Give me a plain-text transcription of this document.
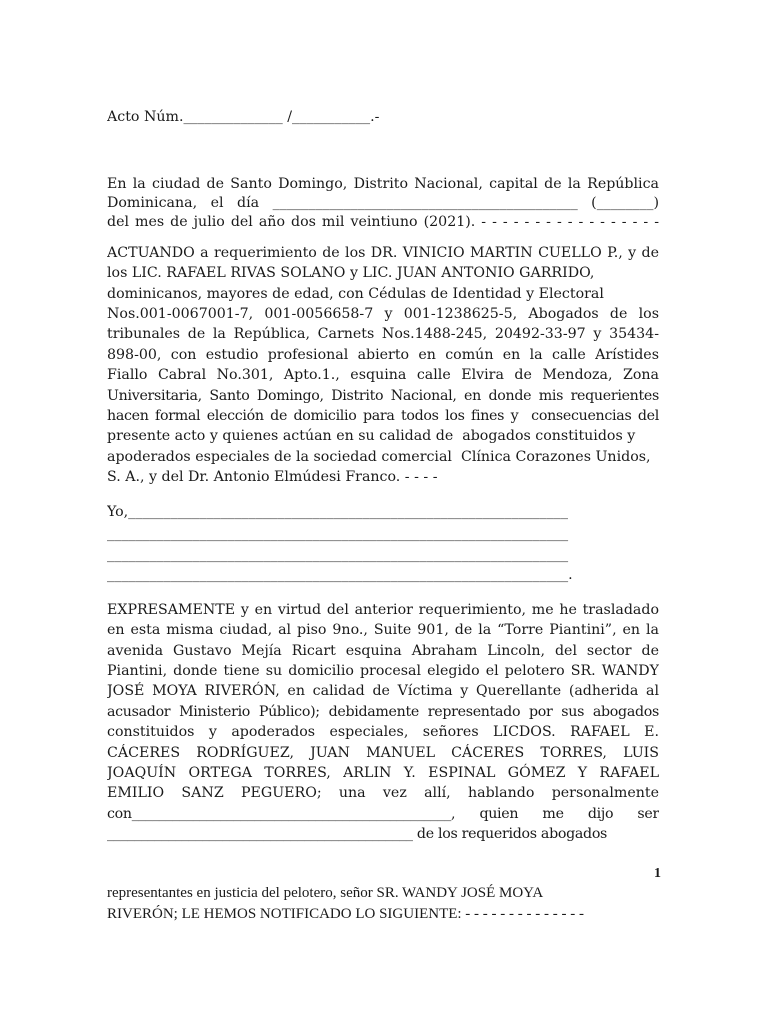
Acto Núm.______________ /___________.-
En la ciudad de Santo Domingo, Distrito Nacional, capital de la República
Dominicana, el día ___________________________________________ (________)
del mes de julio del año dos mil veintiuno (2021). - - - - - - - - - - - - - - - - -
ACTUANDO a requerimiento de los DR. VINICIO MARTIN CUELLO P., y de
los LIC. RAFAEL RIVAS SOLANO y LIC. JUAN ANTONIO GARRIDO,
dominicanos, mayores de edad, con Cédulas de Identidad y Electoral
Nos.001-0067001-7, 001-0056658-7 y 001-1238625-5, Abogados de los
tribunales de la República, Carnets Nos.1488-245, 20492-33-97 y 35434-
898-00, con estudio profesional abierto en común en la calle Arístides
Fiallo Cabral No.301, Apto.1., esquina calle Elvira de Mendoza, Zona
Universitaria, Santo Domingo, Distrito Nacional, en donde mis requerientes
hacen formal elección de domicilio para todos los fines y  consecuencias del
presente acto y quienes actúan en su calidad de  abogados constituidos y
apoderados especiales de la sociedad comercial  Clínica Corazones Unidos,
S. A., y del Dr. Antonio Elmúdesi Franco. - - - -
Yo,______________________________________________________________
_________________________________________________________________
_________________________________________________________________
_________________________________________________________________.
EXPRESAMENTE y en virtud del anterior requerimiento, me he trasladado
en esta misma ciudad, al piso 9no., Suite 901, de la “Torre Piantini”, en la
avenida Gustavo Mejía Ricart esquina Abraham Lincoln, del sector de
Piantini, donde tiene su domicilio procesal elegido el pelotero SR. WANDY
JOSÉ MOYA RIVERÓN, en calidad de Víctima y Querellante (adherida al
acusador Ministerio Público); debidamente representado por sus abogados
constituidos y apoderados especiales, señores LICDOS. RAFAEL E.
CÁCERES RODRÍGUEZ, JUAN MANUEL CÁCERES TORRES, LUIS
JOAQUÍN ORTEGA TORRES, ARLIN Y. ESPINAL GÓMEZ Y RAFAEL
EMILIO SANZ PEGUERO; una vez allí, hablando personalmente
con_______________________________________________, quien me dijo ser
_____________________________________________ de los requeridos abogados
1
representantes en justicia del pelotero, señor SR. WANDY JOSÉ MOYA
RIVERÓN; LE HEMOS NOTIFICADO LO SIGUIENTE: - - - - - - - - - - - - - -
